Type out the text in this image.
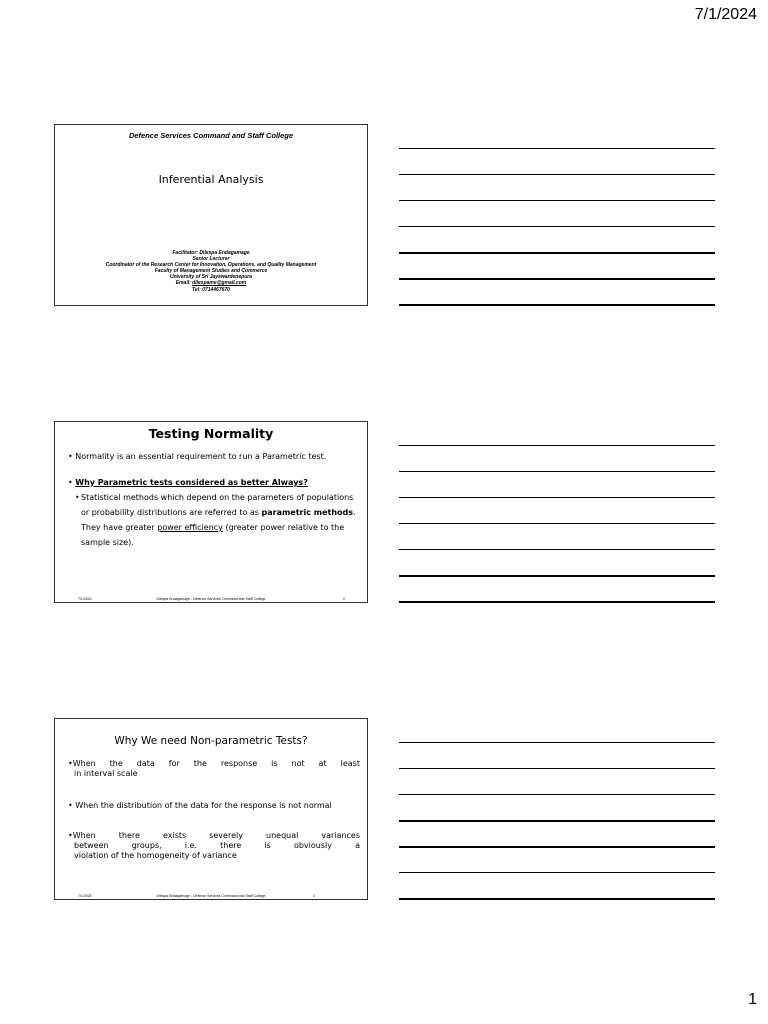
7/1/2024
Defence Services Command and Staff College
Inferential Analysis
Facilitator: Dilespa Endagamage
Senior Lecturer
Coordinator of the Research Center for Innovation, Operations, and Quality Management
Faculty of Management Studies and Commerce
University of Sri Jayewardenepura
Email: dilespame@gmail.com
Tel: 0714467670
Testing Normality
• Normality is an essential requirement to run a Parametric test.
• Why Parametric tests considered as better Always?
• Statistical methods which depend on the parameters of populations or probability distributions are referred to as parametric methods. They have greater power efficiency (greater power relative to the sample size).
7/1/2024	Dilespa Endagamage - Defence Services Command and Staff College	2
Why We need Non-parametric Tests?
•When the data for the response is not at least
in interval scale
• When the distribution of the data for the response is not normal
•When there exists severely unequal variances
between groups, i.e. there is obviously a
violation of the homogeneity of variance
7/1/2024	Dilespa Endagamage - Defence Services Command and Staff College	3
1
